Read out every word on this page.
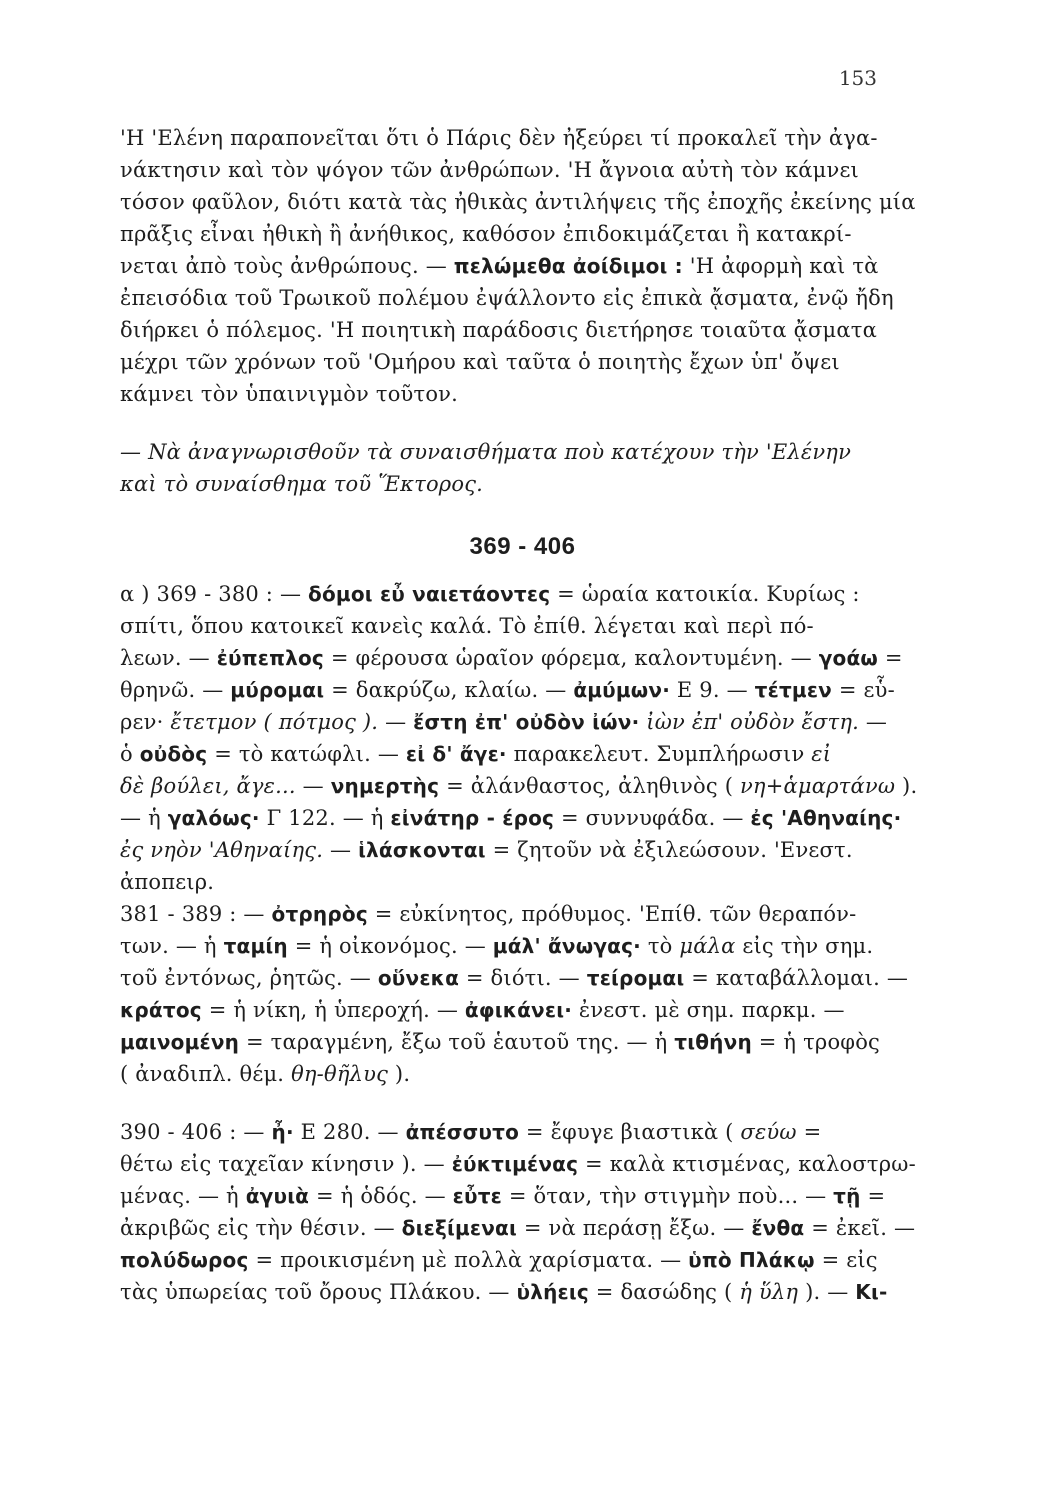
153
'Η 'Ελένη παραπονεῖται ὅτι ὁ Πάρις δὲν ἠξεύρει τί προκαλεῖ τὴν ἀγα-
νάκτησιν καὶ τὸν ψόγον τῶν ἀνθρώπων. 'Η ἄγνοια αὐτὴ τὸν κάμνει
τόσον φαῦλον, διότι κατὰ τὰς ἠθικὰς ἀντιλήψεις τῆς ἐποχῆς ἐκείνης μία
πρᾶξις εἶναι ἠθικὴ ἢ ἀνήθικος, καθόσον ἐπιδοκιμάζεται ἢ κατακρί-
νεται ἀπὸ τοὺς ἀνθρώπους. — πελώμεθα ἀοίδιμοι : 'Η ἀφορμὴ καὶ τὰ
ἐπεισόδια τοῦ Τρωικοῦ πολέμου ἐψάλλοντο εἰς ἐπικὰ ᾄσματα, ἐνῷ ἤδη
διήρκει ὁ πόλεμος. 'Η ποιητικὴ παράδοσις διετήρησε τοιαῦτα ᾄσματα
μέχρι τῶν χρόνων τοῦ 'Ομήρου καὶ ταῦτα ὁ ποιητὴς ἔχων ὑπ' ὄψει
κάμνει τὸν ὑπαινιγμὸν τοῦτον.
— Νὰ ἀναγνωρισθοῦν τὰ συναισθήματα ποὺ κατέχουν τὴν 'Ελένην
καὶ τὸ συναίσθημα τοῦ Ἕκτορος.
369 - 406
α ) 369 - 380 : — δόμοι εὖ ναιετάοντες = ὡραία κατοικία. Κυρίως :
σπίτι, ὅπου κατοικεῖ κανεὶς καλά. Τὸ ἐπίθ. λέγεται καὶ περὶ πό-
λεων. — ἐύπεπλος = φέρουσα ὡραῖον φόρεμα, καλοντυμένη. — γοάω =
θρηνῶ. — μύρομαι = δακρύζω, κλαίω. — ἀμύμων· Ε 9. — τέτμεν = εὗ-
ρεν· ἔτετμον ( πότμος ). — ἔστη ἐπ' οὐδὸν ἰών· ἰὼν ἐπ' οὐδὸν ἔστη. —
ὁ οὐδὸς = τὸ κατώφλι. — εἰ δ' ἄγε· παρακελευτ. Συμπλήρωσιν εἰ
δὲ βούλει, ἄγε... — νημερτὴς = ἀλάνθαστος, ἀληθινὸς ( νη+ἁμαρτάνω ).
— ἡ γαλόως· Γ 122. — ἡ εἰνάτηρ - έρος = συννυφάδα. — ἐς 'Αθηναίης·
ἐς νηὸν 'Αθηναίης. — ἱλάσκονται = ζητοῦν νὰ ἐξιλεώσουν. 'Ενεστ.
ἀποπειρ.
381 - 389 : — ὀτρηρὸς = εὐκίνητος, πρόθυμος. 'Επίθ. τῶν θεραπόν-
των. — ἡ ταμίη = ἡ οἰκονόμος. — μάλ' ἄνωγας· τὸ μάλα εἰς τὴν σημ.
τοῦ ἐντόνως, ῥητῶς. — οὕνεκα = διότι. — τείρομαι = καταβάλλομαι. —
κράτος = ἡ νίκη, ἡ ὑπεροχή. — ἀφικάνει· ἐνεστ. μὲ σημ. παρκμ. —
μαινομένη = ταραγμένη, ἔξω τοῦ ἑαυτοῦ της. — ἡ τιθήνη = ἡ τροφὸς
( ἀναδιπλ. θέμ. θη-θῆλυς ).
390 - 406 : — ἦ· Ε 280. — ἀπέσσυτο = ἔφυγε βιαστικὰ ( σεύω =
θέτω εἰς ταχεῖαν κίνησιν ). — ἐύκτιμένας = καλὰ κτισμένας, καλοστρω-
μένας. — ἡ ἀγυιὰ = ἡ ὁδός. — εὖτε = ὅταν, τὴν στιγμὴν ποὺ... — τῇ =
ἀκριβῶς εἰς τὴν θέσιν. — διεξίμεναι = νὰ περάσῃ ἔξω. — ἔνθα = ἐκεῖ. —
πολύδωρος = προικισμένη μὲ πολλὰ χαρίσματα. — ὑπὸ Πλάκῳ = εἰς
τὰς ὑπωρείας τοῦ ὄρους Πλάκου. — ὑλήεις = δασώδης ( ἡ ὕλη ). — Κι-
